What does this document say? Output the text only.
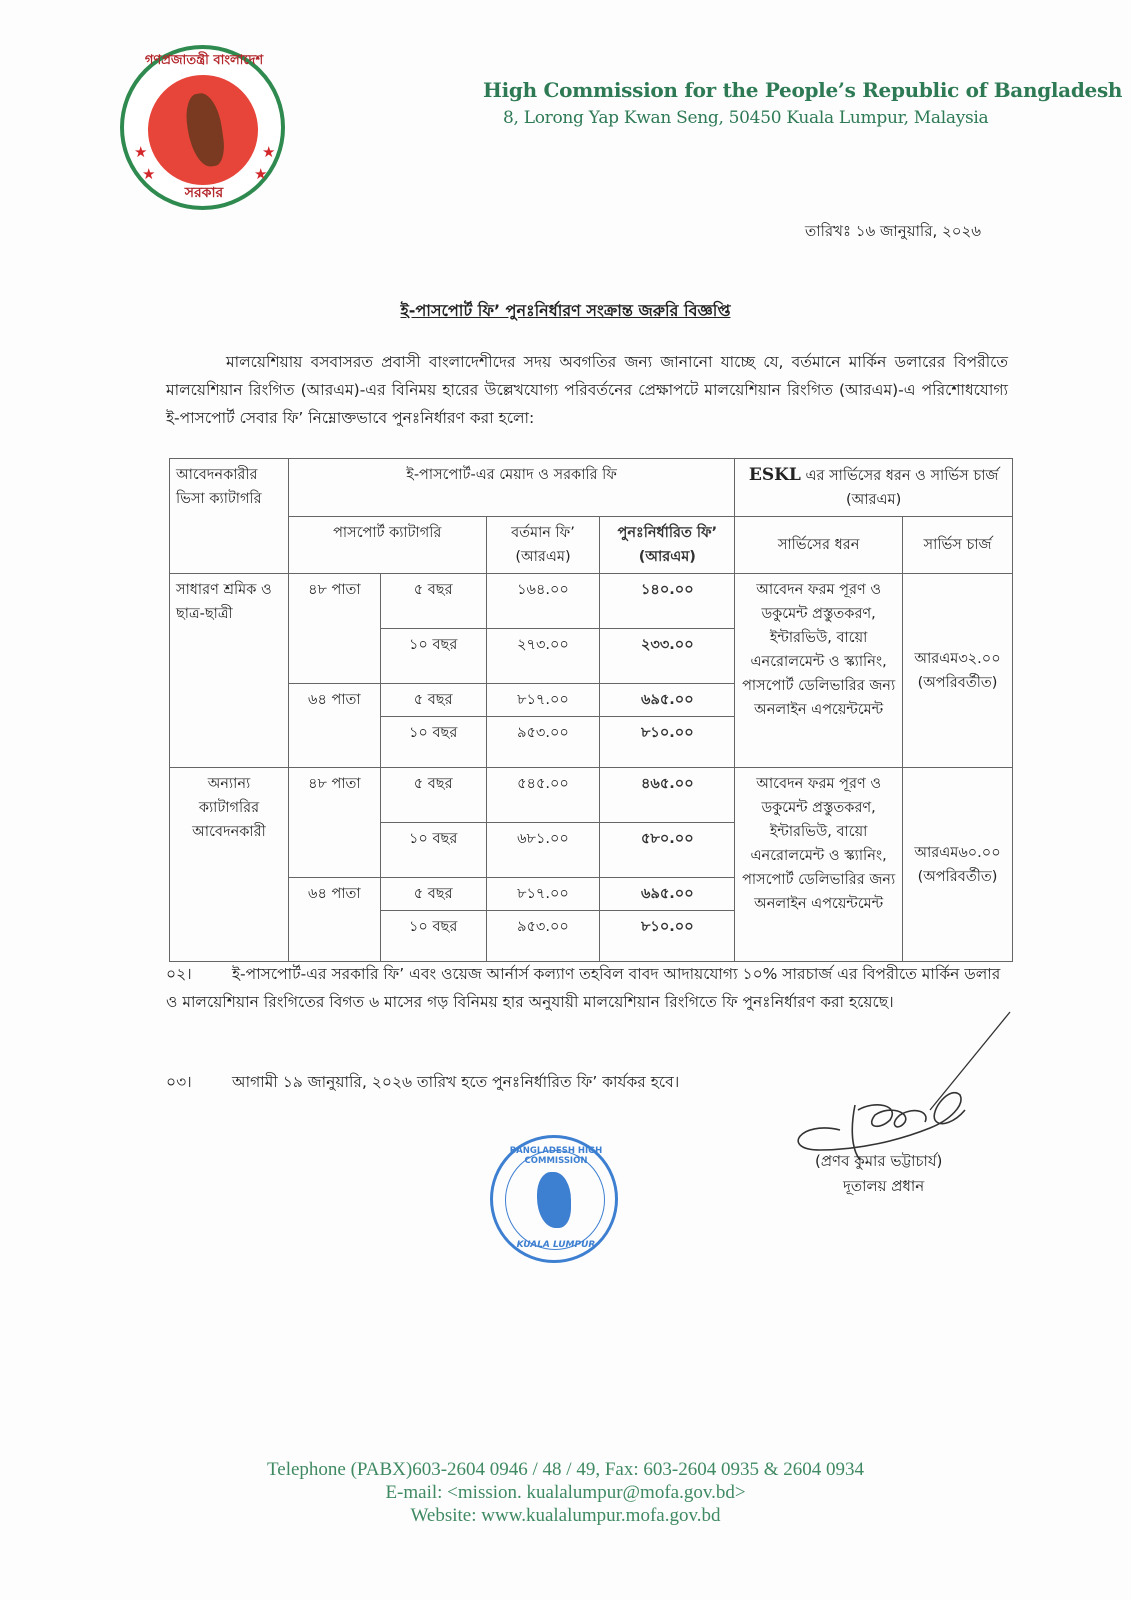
গণপ্রজাতন্ত্রী বাংলাদেশ
★
★
★
★
সরকার
High Commission for the People’s Republic of Bangladesh
8, Lorong Yap Kwan Seng, 50450 Kuala Lumpur, Malaysia
তারিখঃ ১৬ জানুয়ারি, ২০২৬
ই-পাসপোর্ট ফি’ পুনঃনির্ধারণ সংক্রান্ত জরুরি বিজ্ঞপ্তি
মালয়েশিয়ায় বসবাসরত প্রবাসী বাংলাদেশীদের সদয় অবগতির জন্য জানানো যাচ্ছে যে, বর্তমানে মার্কিন ডলারের বিপরীতে মালয়েশিয়ান রিংগিত (আরএম)-এর বিনিময় হারের উল্লেখযোগ্য পরিবর্তনের প্রেক্ষাপটে মালয়েশিয়ান রিংগিত (আরএম)-এ পরিশোধযোগ্য ই-পাসপোর্ট সেবার ফি’ নিম্নোক্তভাবে পুনঃনির্ধারণ করা হলো:
আবেদনকারীর ভিসা ক্যাটাগরি	ই-পাসপোর্ট-এর মেয়াদ ও সরকারি ফি				ESKL এর সার্ভিসের ধরন ও সার্ভিস চার্জ (আরএম)	
	পাসপোর্ট ক্যাটাগরি		বর্তমান ফি’ (আরএম)	পুনঃনির্ধারিত ফি’ (আরএম)	সার্ভিসের ধরন	সার্ভিস চার্জ
সাধারণ শ্রমিক ও ছাত্র-ছাত্রী	৪৮ পাতা	৫ বছর	১৬৪.০০	১৪০.০০	আবেদন ফরম পূরণ ও ডকুমেন্ট প্রস্তুতকরণ, ইন্টারভিউ, বায়ো এনরোলমেন্ট ও স্ক্যানিং, পাসপোর্ট ডেলিভারির জন্য অনলাইন এপয়েন্টমেন্ট	আরএম৩২.০০ (অপরিবর্তীত)
		১০ বছর	২৭৩.০০	২৩৩.০০		
	৬৪ পাতা	৫ বছর	৮১৭.০০	৬৯৫.০০		
		১০ বছর	৯৫৩.০০	৮১০.০০		
অন্যান্য ক্যাটাগরির আবেদনকারী	৪৮ পাতা	৫ বছর	৫৪৫.০০	৪৬৫.০০	আবেদন ফরম পূরণ ও ডকুমেন্ট প্রস্তুতকরণ, ইন্টারভিউ, বায়ো এনরোলমেন্ট ও স্ক্যানিং, পাসপোর্ট ডেলিভারির জন্য অনলাইন এপয়েন্টমেন্ট	আরএম৬০.০০ (অপরিবর্তীত)
		১০ বছর	৬৮১.০০	৫৮০.০০		
	৬৪ পাতা	৫ বছর	৮১৭.০০	৬৯৫.০০		
		১০ বছর	৯৫৩.০০	৮১০.০০		
০২।	ই-পাসপোর্ট-এর সরকারি ফি’ এবং ওয়েজ আর্নার্স কল্যাণ তহবিল বাবদ আদায়যোগ্য ১০% সারচার্জ এর বিপরীতে মার্কিন ডলার ও মালয়েশিয়ান রিংগিতের বিগত ৬ মাসের গড় বিনিময় হার অনুযায়ী মালয়েশিয়ান রিংগিতে ফি পুনঃনির্ধারণ করা হয়েছে।
০৩।	আগামী ১৯ জানুয়ারি, ২০২৬ তারিখ হতে পুনঃনির্ধারিত ফি’ কার্যকর হবে।
(প্রণব কুমার ভট্টাচার্য)
দূতালয় প্রধান
BANGLADESH HIGH COMMISSION
KUALA LUMPUR
Telephone (PABX)603-2604 0946 / 48 / 49, Fax: 603-2604 0935 & 2604 0934
E-mail: <mission. kualalumpur@mofa.gov.bd>
Website: www.kualalumpur.mofa.gov.bd
